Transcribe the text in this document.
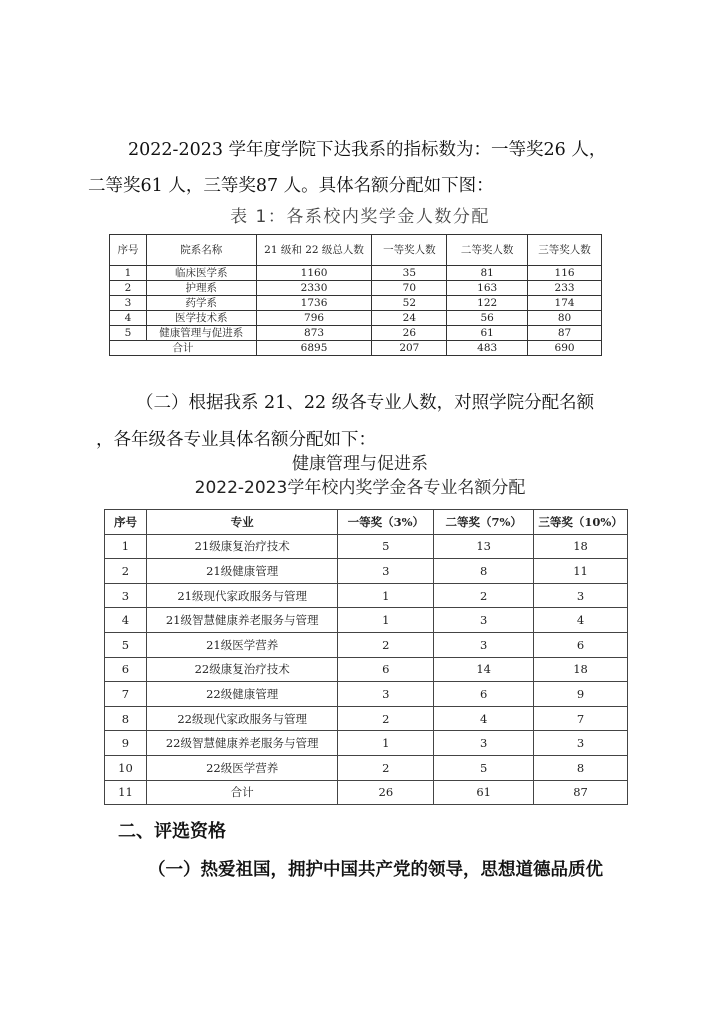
2022-2023 学年度学院下达我系的指标数为：一等奖26 人，
二等奖61 人，三等奖87 人。具体名额分配如下图：
表 1：各系校内奖学金人数分配
序号	院系名称	21 级和 22 级总人数	一等奖人数	二等奖人数	三等奖人数
1	临床医学系	1160	35	81	116
2	护理系	2330	70	163	233
3	药学系	1736	52	122	174
4	医学技术系	796	24	56	80
5	健康管理与促进系	873	26	61	87
合计		6895	207	483	690
（二）根据我系 21、22 级各专业人数，对照学院分配名额
，各年级各专业具体名额分配如下：
健康管理与促进系
2022-2023学年校内奖学金各专业名额分配
序号	专业	一等奖（3%）	二等奖（7%）	三等奖（10%）
1	21级康复治疗技术	5	13	18
2	21级健康管理	3	8	11
3	21级现代家政服务与管理	1	2	3
4	21级智慧健康养老服务与管理	1	3	4
5	21级医学营养	2	3	6
6	22级康复治疗技术	6	14	18
7	22级健康管理	3	6	9
8	22级现代家政服务与管理	2	4	7
9	22级智慧健康养老服务与管理	1	3	3
10	22级医学营养	2	5	8
11	合计	26	61	87
二、评选资格
（一）热爱祖国，拥护中国共产党的领导，思想道德品质优
